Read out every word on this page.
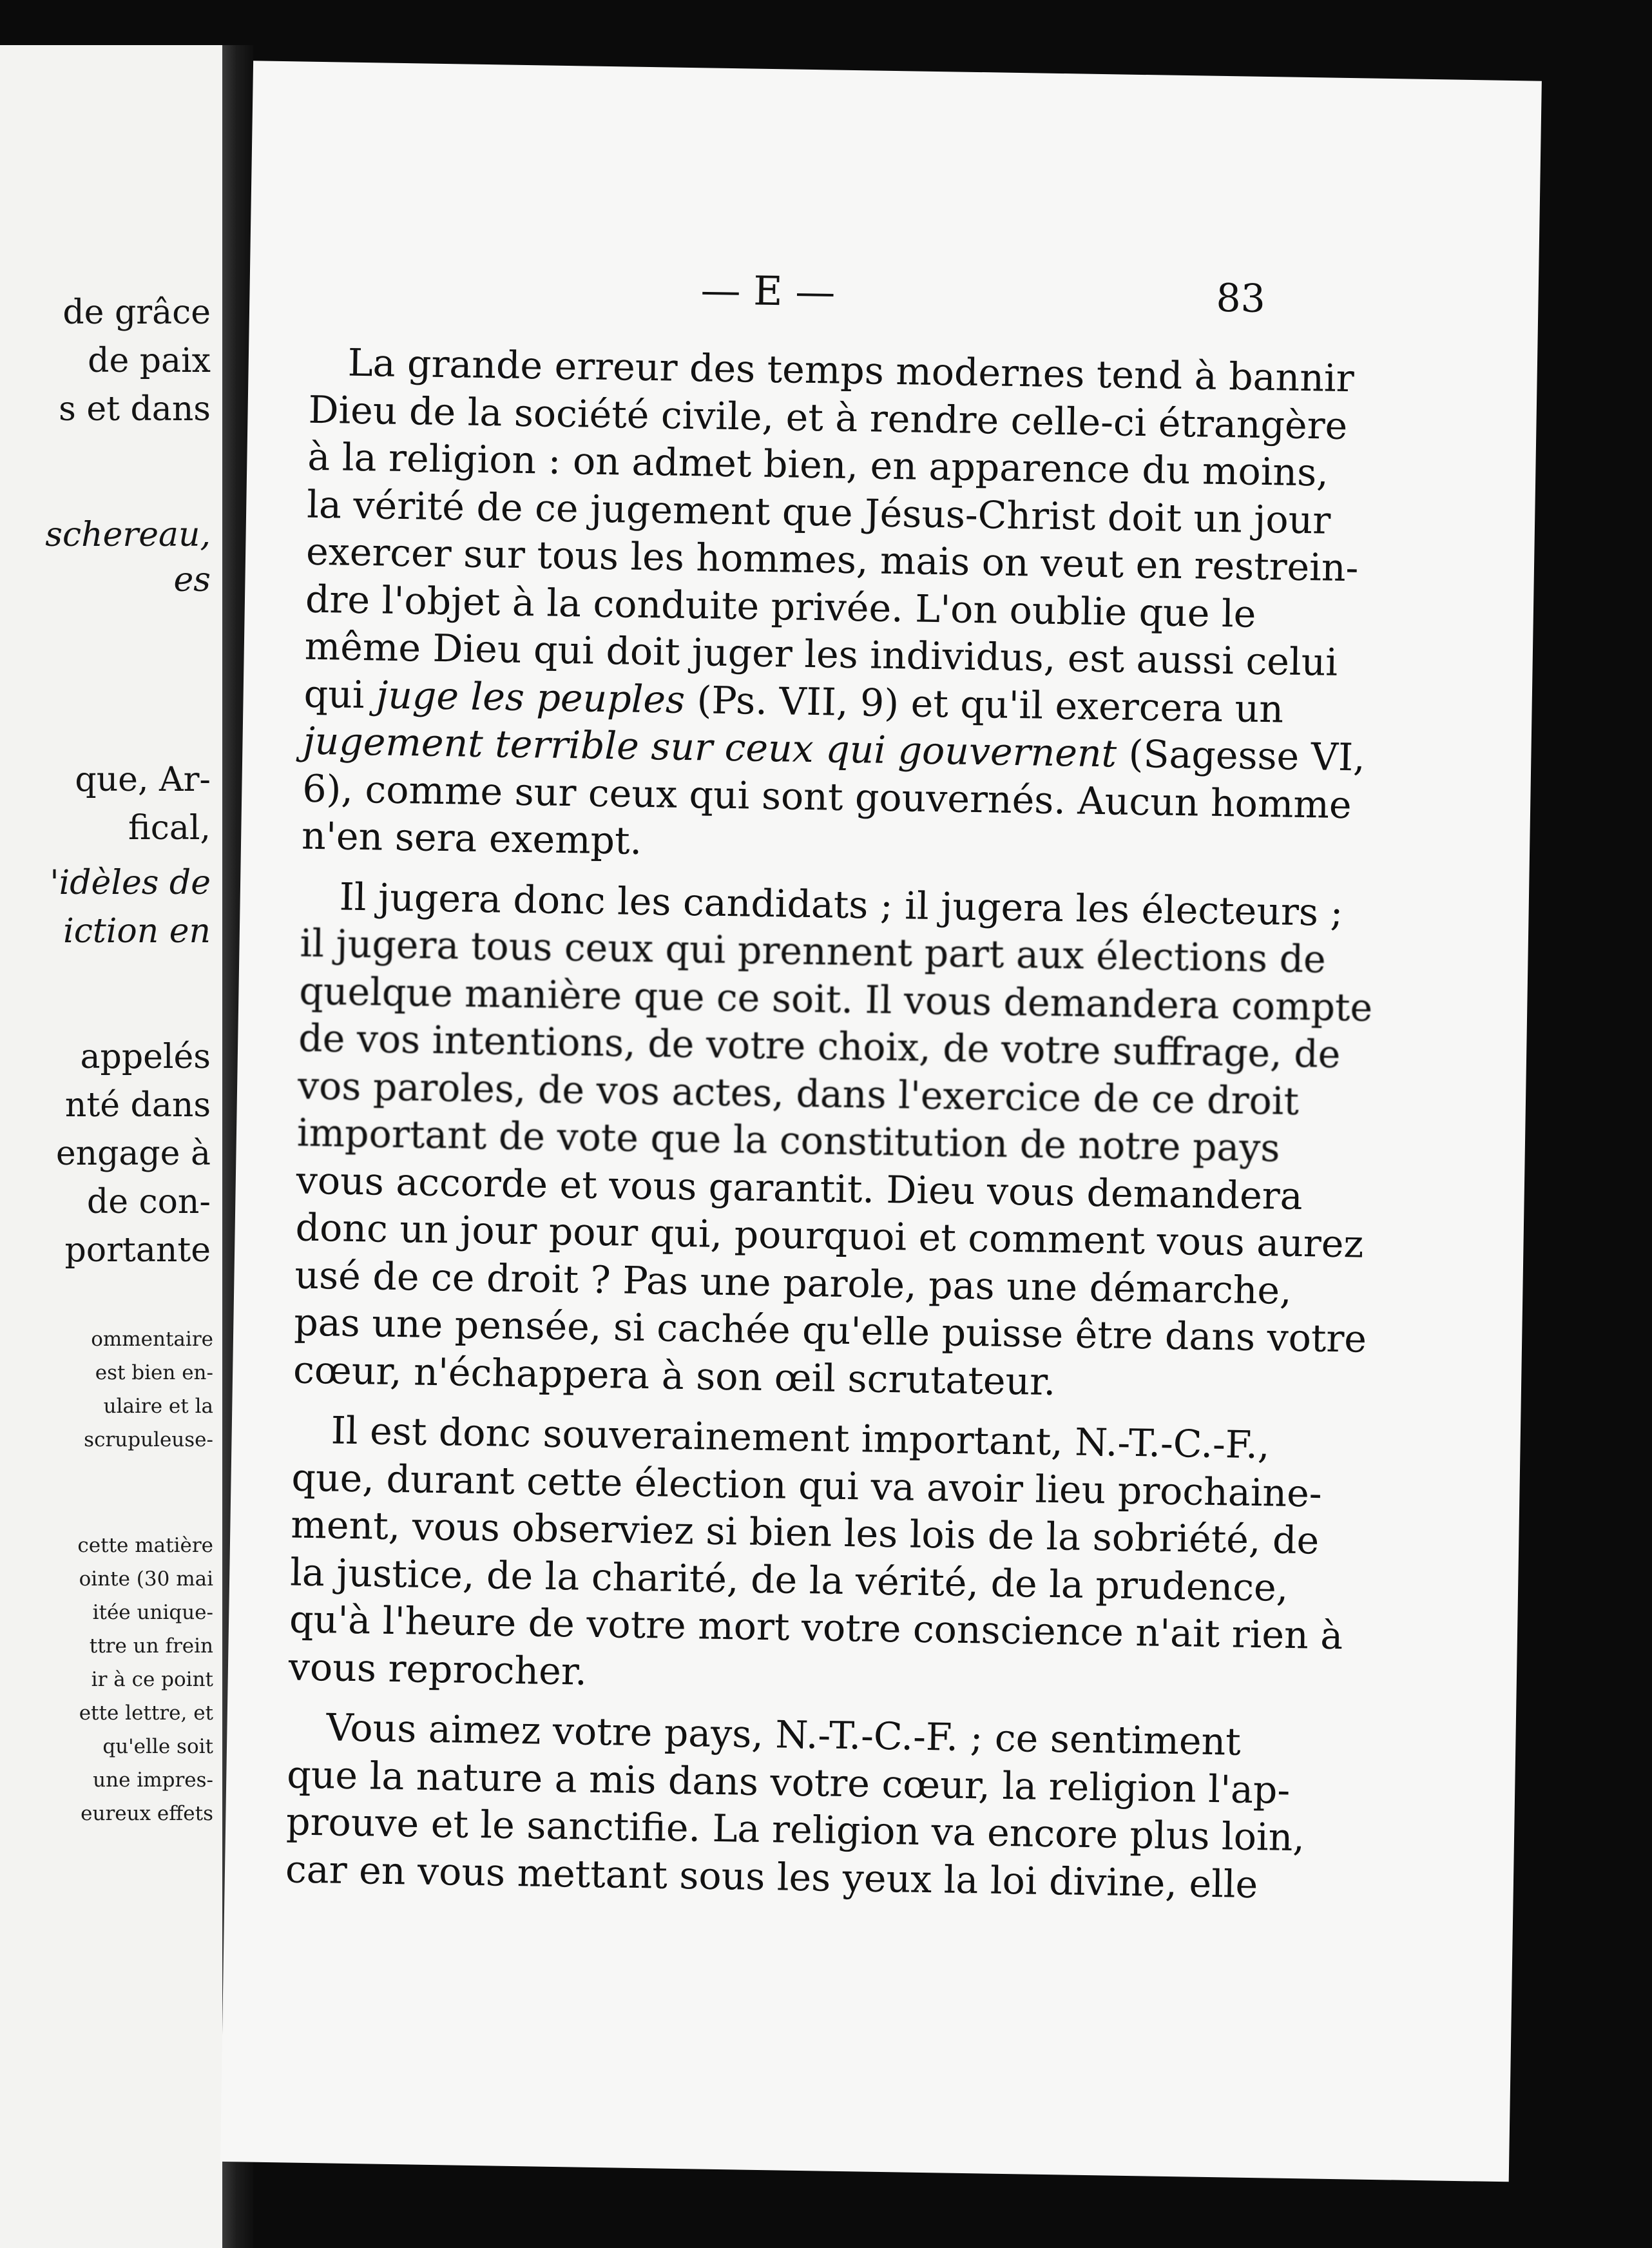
de grâce
de paix
s et dans
schereau,
es
que, Ar-
fical,
'idèles de
iction en
appelés
nté dans
engage à
de con-
portante
ommentaire
est bien en-
ulaire et la
scrupuleuse-
cette matière
ointe (30 mai
itée unique-
ttre un frein
ir à ce point
ette lettre, et
qu'elle soit
une impres-
eureux effets
— E —	83
La grande erreur des temps modernes tend à bannir
Dieu de la société civile, et à rendre celle-ci étrangère
à la religion : on admet bien, en apparence du moins,
la vérité de ce jugement que Jésus-Christ doit un jour
exercer sur tous les hommes, mais on veut en restrein-
dre l'objet à la conduite privée. L'on oublie que le
même Dieu qui doit juger les individus, est aussi celui
qui juge les peuples (Ps. VII, 9) et qu'il exercera un
jugement terrible sur ceux qui gouvernent (Sagesse VI,
6), comme sur ceux qui sont gouvernés. Aucun homme
n'en sera exempt.
Il jugera donc les candidats ; il jugera les électeurs ;
il jugera tous ceux qui prennent part aux élections de
quelque manière que ce soit. Il vous demandera compte
de vos intentions, de votre choix, de votre suffrage, de
vos paroles, de vos actes, dans l'exercice de ce droit
important de vote que la constitution de notre pays
vous accorde et vous garantit. Dieu vous demandera
donc un jour pour qui, pourquoi et comment vous aurez
usé de ce droit ? Pas une parole, pas une démarche,
pas une pensée, si cachée qu'elle puisse être dans votre
cœur, n'échappera à son œil scrutateur.
Il est donc souverainement important, N.-T.-C.-F.,
que, durant cette élection qui va avoir lieu prochaine-
ment, vous observiez si bien les lois de la sobriété, de
la justice, de la charité, de la vérité, de la prudence,
qu'à l'heure de votre mort votre conscience n'ait rien à
vous reprocher.
Vous aimez votre pays, N.-T.-C.-F. ; ce sentiment
que la nature a mis dans votre cœur, la religion l'ap-
prouve et le sanctifie. La religion va encore plus loin,
car en vous mettant sous les yeux la loi divine, elle
